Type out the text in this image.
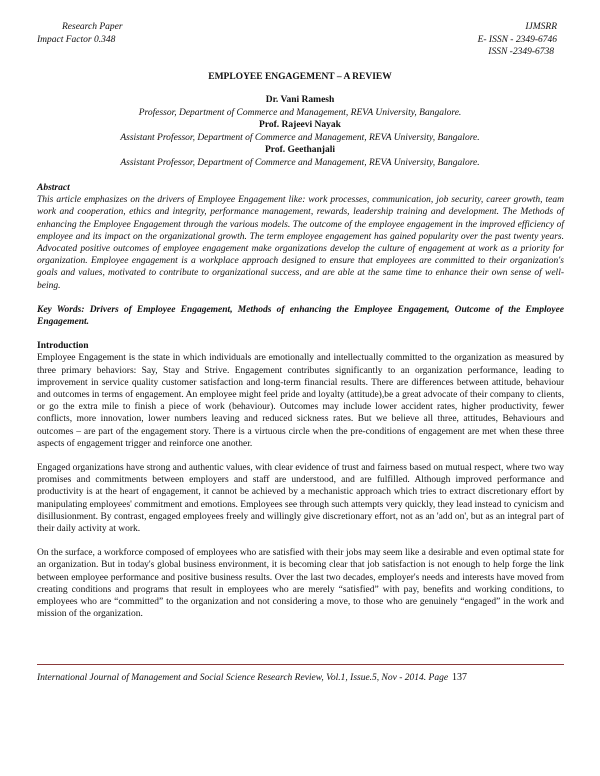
Research Paper
Impact Factor 0.348
IJMSRR
E- ISSN - 2349-6746
ISSN -2349-6738
EMPLOYEE ENGAGEMENT – A REVIEW
Dr. Vani Ramesh
Professor, Department of Commerce and Management, REVA University, Bangalore.
Prof. Rajeevi Nayak
Assistant Professor, Department of Commerce and Management, REVA University, Bangalore.
Prof. Geethanjali
Assistant Professor, Department of Commerce and Management, REVA University, Bangalore.

Abstract

This article emphasizes on the drivers of Employee Engagement like: work processes, communication, job security, career growth, team work and cooperation, ethics and integrity, performance management, rewards, leadership training and development. The Methods of enhancing the Employee Engagement through the various models. The outcome of the employee engagement in the improved efficiency of employee and its impact on the organizational growth. The term employee engagement has gained popularity over the past twenty years. Advocated positive outcomes of employee engagement make organizations develop the culture of engagement at work as a priority for organization. Employee engagement is a workplace approach designed to ensure that employees are committed to their organization's goals and values, motivated to contribute to organizational success, and are able at the same time to enhance their own sense of well-being.

Key Words: Drivers of Employee Engagement, Methods of enhancing the Employee Engagement, Outcome of the Employee Engagement.

Introduction

Employee Engagement is the state in which individuals are emotionally and intellectually committed to the organization as measured by three primary behaviors: Say, Stay and Strive. Engagement contributes significantly to an organization performance, leading to improvement in service quality customer satisfaction and long-term financial results. There are differences between attitude, behaviour and outcomes in terms of engagement. An employee might feel pride and loyalty (attitude),be a great advocate of their company to clients, or go the extra mile to finish a piece of work (behaviour). Outcomes may include lower accident rates, higher productivity, fewer conflicts, more innovation, lower numbers leaving and reduced sickness rates. But we believe all three, attitudes, Behaviours and outcomes – are part of the engagement story. There is a virtuous circle when the pre-conditions of engagement are met when these three aspects of engagement trigger and reinforce one another.

Engaged organizations have strong and authentic values, with clear evidence of trust and fairness based on mutual respect, where two way promises and commitments between employers and staff are understood, and are fulfilled. Although improved performance and productivity is at the heart of engagement, it cannot be achieved by a mechanistic approach which tries to extract discretionary effort by manipulating employees' commitment and emotions. Employees see through such attempts very quickly, they lead instead to cynicism and disillusionment. By contrast, engaged employees freely and willingly give discretionary effort, not as an 'add on', but as an integral part of their daily activity at work.

On the surface, a workforce composed of employees who are satisfied with their jobs may seem like a desirable and even optimal state for an organization. But in today's global business environment, it is becoming clear that job satisfaction is not enough to help forge the link between employee performance and positive business results. Over the last two decades, employer's needs and interests have moved from creating conditions and programs that result in employees who are merely “satisfied” with pay, benefits and working conditions, to employees who are “committed” to the organization and not considering a move, to those who are genuinely “engaged” in the work and mission of the organization.

International Journal of Management and Social Science Research Review, Vol.1, Issue.5, Nov - 2014. Page 137
